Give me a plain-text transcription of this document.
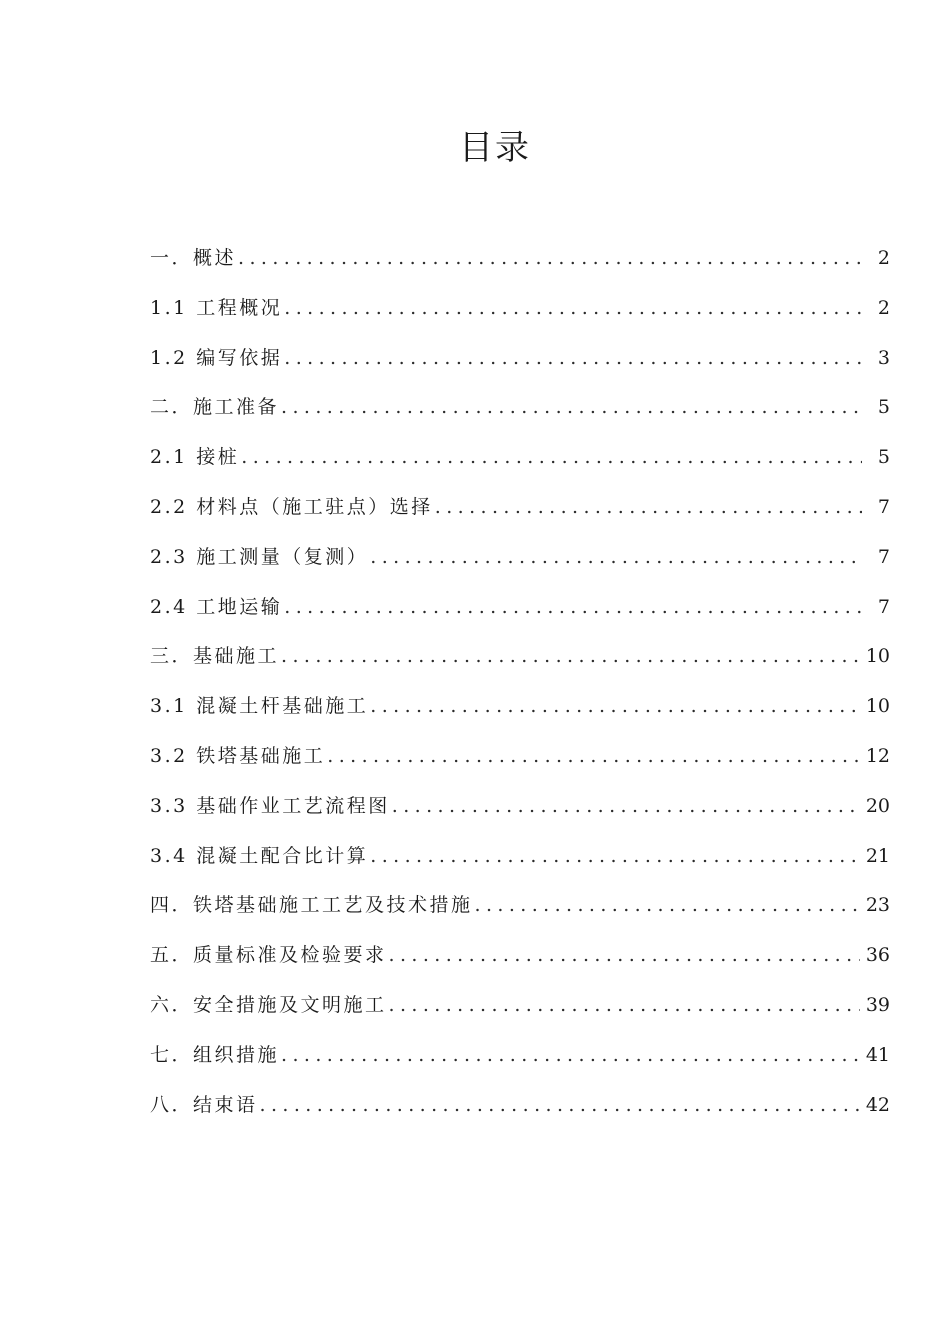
目录
一．概述 .....	2
1.1 工程概况 .....	2
1.2 编写依据 .....	3
二．施工准备 .....	5
2.1 接桩 .....	5
2.2 材料点（施工驻点）选择 .....	7
2.3 施工测量（复测） .....	7
2.4 工地运输 .....	7
三．基础施工 .....	10
3.1 混凝土杆基础施工 .....	10
3.2 铁塔基础施工 .....	12
3.3 基础作业工艺流程图 .....	20
3.4 混凝土配合比计算 .....	21
四．铁塔基础施工工艺及技术措施 .....	23
五．质量标准及检验要求 .....	36
六．安全措施及文明施工 .....	39
七．组织措施 .....	41
八．结束语 .....	42
